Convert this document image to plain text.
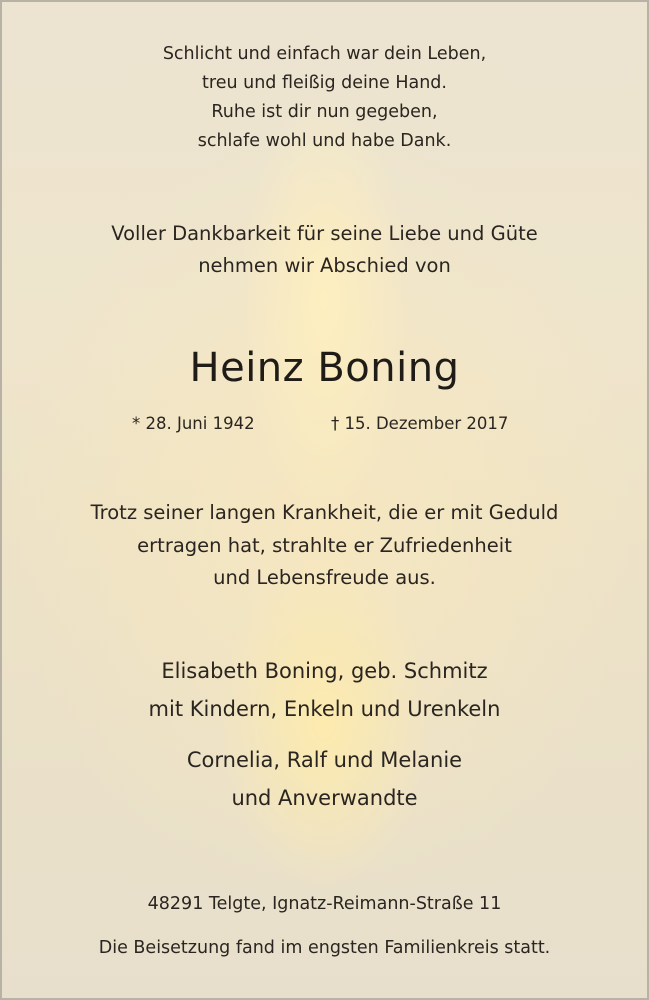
Schlicht und einfach war dein Leben,
treu und fleißig deine Hand.
Ruhe ist dir nun gegeben,
schlafe wohl und habe Dank.
Voller Dankbarkeit für seine Liebe und Güte
nehmen wir Abschied von
Heinz Boning
* 28. Juni 1942	† 15. Dezember 2017
Trotz seiner langen Krankheit, die er mit Geduld
ertragen hat, strahlte er Zufriedenheit
und Lebensfreude aus.
Elisabeth Boning, geb. Schmitz
mit Kindern, Enkeln und Urenkeln
Cornelia, Ralf und Melanie
und Anverwandte
48291 Telgte, Ignatz-Reimann-Straße 11
Die Beisetzung fand im engsten Familienkreis statt.
